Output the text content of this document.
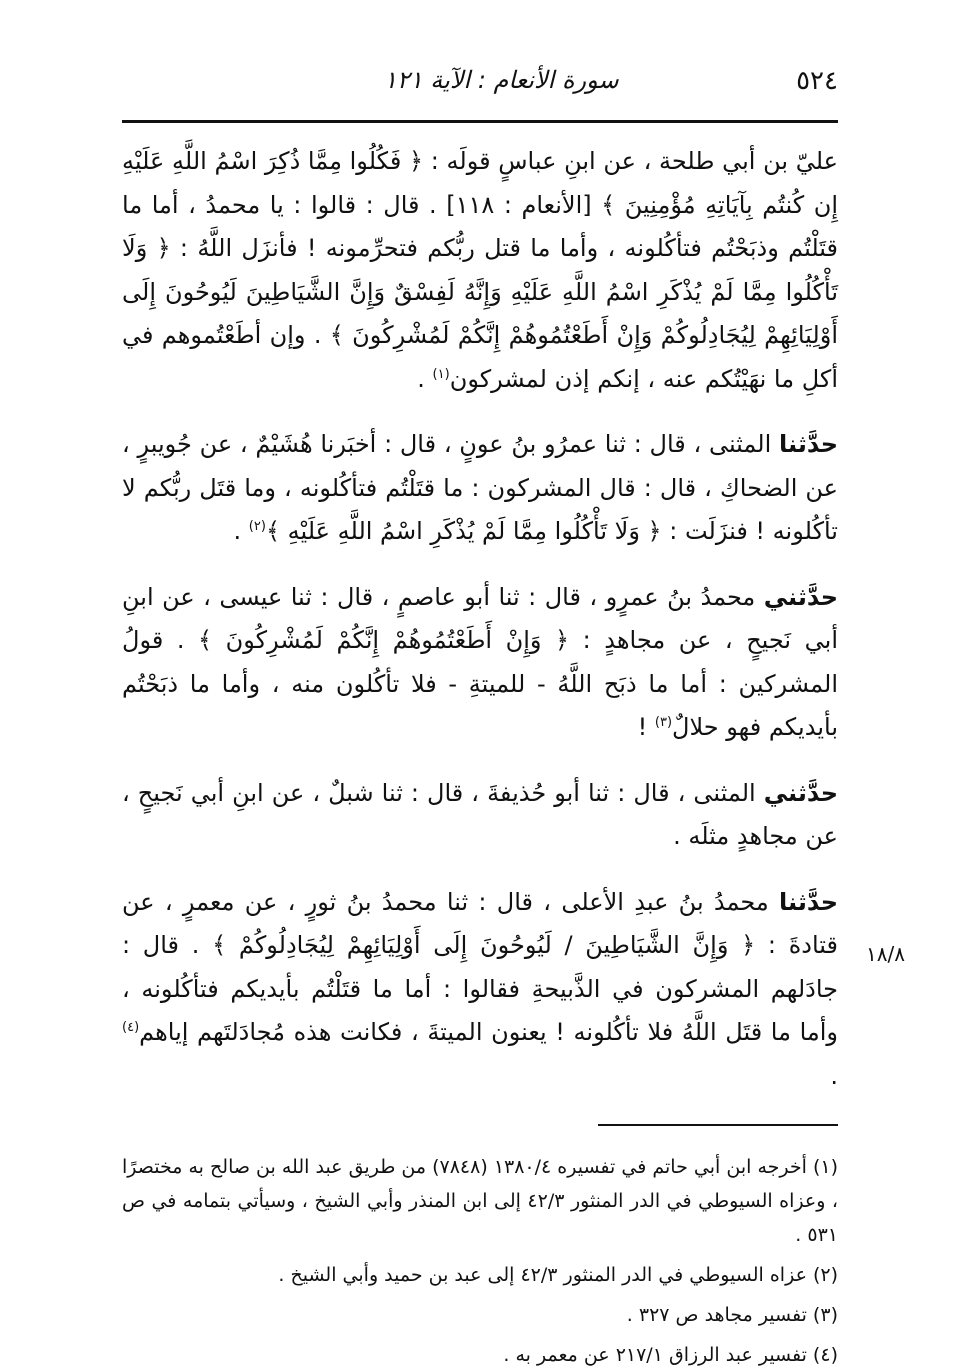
٥٢٤
سورة الأنعام : الآية ١٢١

عليّ بن أبي طلحة ، عن ابنِ عباسٍ قولَه : ﴿ فَكُلُوا مِمَّا ذُكِرَ اسْمُ اللَّهِ عَلَيْهِ إِن كُنتُم بِآيَاتِهِ مُؤْمِنِينَ ﴾ [الأنعام : ١١٨] . قال : قالوا : يا محمدُ ، أما ما قتَلْتُم وذبَحْتُم فتأكُلونه ، وأما ما قتل ربُّكم فتحرِّمونه ! فأنزَل اللَّهُ : ﴿ وَلَا تَأْكُلُوا مِمَّا لَمْ يُذْكَرِ اسْمُ اللَّهِ عَلَيْهِ وَإِنَّهُ لَفِسْقٌ وَإِنَّ الشَّيَاطِينَ لَيُوحُونَ إِلَى أَوْلِيَائِهِمْ لِيُجَادِلُوكُمْ وَإِنْ أَطَعْتُمُوهُمْ إِنَّكُمْ لَمُشْرِكُونَ ﴾ . وإن أطَعْتُموهم في أكلِ ما نهَيْتُكم عنه ، إنكم إذن لمشركون$^{(١)}$ .

حدَّثنا المثنى ، قال : ثنا عمرُو بنُ عونٍ ، قال : أخبَرنا هُشَيْمٌ ، عن جُويبرٍ ، عن الضحاكِ ، قال : قال المشركون : ما قتَلْتُم فتأكُلونه ، وما قتَل ربُّكم لا تأكُلونه ! فنزَلَت : ﴿ وَلَا تَأْكُلُوا مِمَّا لَمْ يُذْكَرِ اسْمُ اللَّهِ عَلَيْهِ ﴾$^{(٢)}$ .

حدَّثني محمدُ بنُ عمرٍو ، قال : ثنا أبو عاصمٍ ، قال : ثنا عيسى ، عن ابنِ أبي نَجيحٍ ، عن مجاهدٍ : ﴿ وَإِنْ أَطَعْتُمُوهُمْ إِنَّكُمْ لَمُشْرِكُونَ ﴾ . قولُ المشركين : أما ما ذبَح اللَّهُ - للميتةِ - فلا تأكُلون منه ، وأما ما ذبَحْتُم بأيديكم فهو حلالٌ$^{(٣)}$ !

حدَّثني المثنى ، قال : ثنا أبو حُذيفةَ ، قال : ثنا شبلٌ ، عن ابنِ أبي نَجيحٍ ، عن مجاهدٍ مثلَه .

حدَّثنا محمدُ بنُ عبدِ الأعلى ، قال : ثنا محمدُ بنُ ثورٍ ، عن معمرٍ ، عن قتادةَ : ﴿ وَإِنَّ الشَّيَاطِينَ / لَيُوحُونَ إِلَى أَوْلِيَائِهِمْ لِيُجَادِلُوكُمْ ﴾ . قال : جادَلهم المشركون في الذَّبيحةِ فقالوا : أما ما قتَلْتُم بأيديكم فتأكُلونه ، وأما ما قتَل اللَّهُ فلا تأكُلونه ! يعنون الميتةَ ، فكانت هذه مُجادَلتَهم إياهم$^{(٤)}$ .

١٨/٨

(١) أخرجه ابن أبي حاتم في تفسيره ١٣٨٠/٤ (٧٨٤٨) من طريق عبد الله بن صالح به مختصرًا ، وعزاه السيوطي في الدر المنثور ٤٢/٣ إلى ابن المنذر وأبي الشيخ ، وسيأتي بتمامه في ص ٥٣١ .

(٢) عزاه السيوطي في الدر المنثور ٤٢/٣ إلى عبد بن حميد وأبي الشيخ .

(٣) تفسير مجاهد ص ٣٢٧ .

(٤) تفسير عبد الرزاق ٢١٧/١ عن معمر به .
